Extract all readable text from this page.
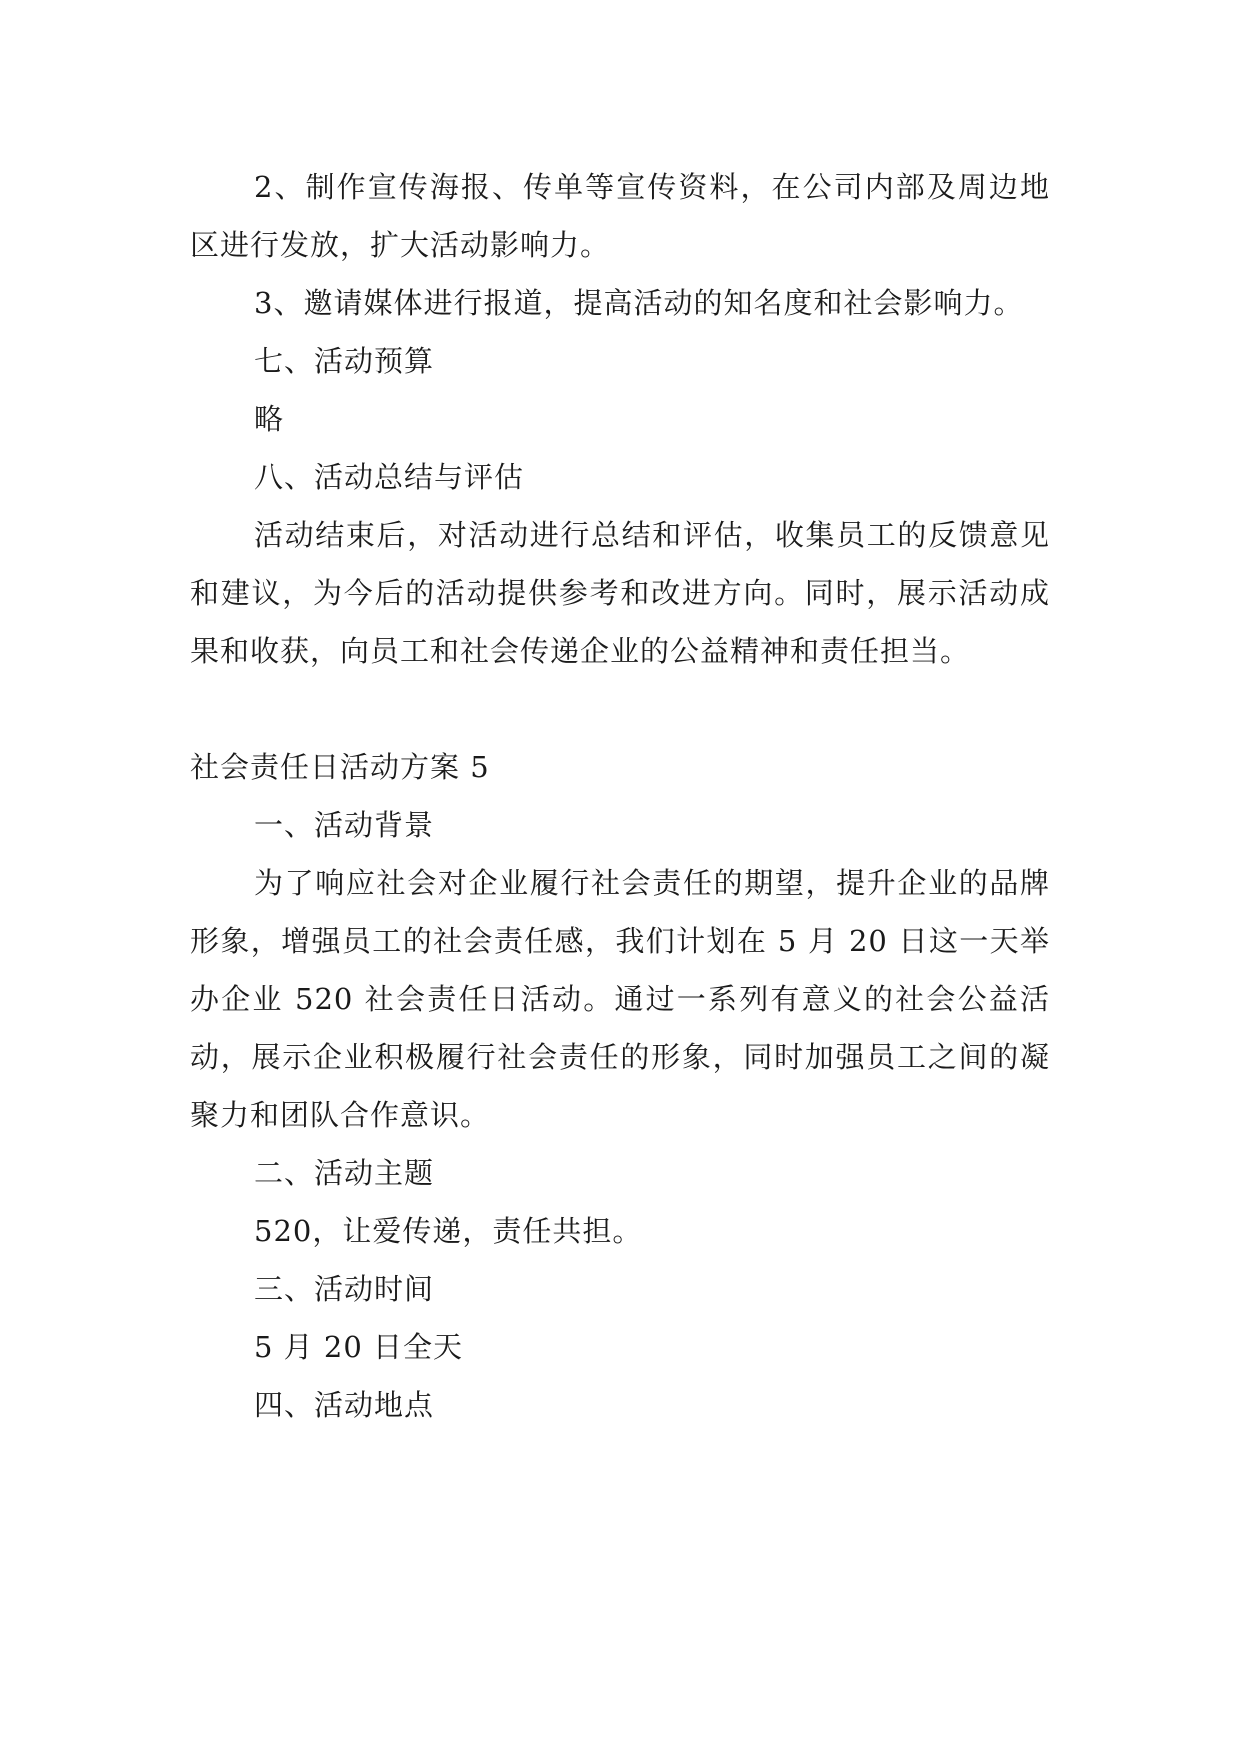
2、制作宣传海报、传单等宣传资料，在公司内部及周边地区进行发放，扩大活动影响力。

3、邀请媒体进行报道，提高活动的知名度和社会影响力。

七、活动预算

略

八、活动总结与评估

活动结束后，对活动进行总结和评估，收集员工的反馈意见和建议，为今后的活动提供参考和改进方向。同时，展示活动成果和收获，向员工和社会传递企业的公益精神和责任担当。

社会责任日活动方案 5

一、活动背景

为了响应社会对企业履行社会责任的期望，提升企业的品牌形象，增强员工的社会责任感，我们计划在 5 月 20 日这一天举办企业 520 社会责任日活动。通过一系列有意义的社会公益活动，展示企业积极履行社会责任的形象，同时加强员工之间的凝聚力和团队合作意识。

二、活动主题

520，让爱传递，责任共担。

三、活动时间

5 月 20 日全天

四、活动地点
